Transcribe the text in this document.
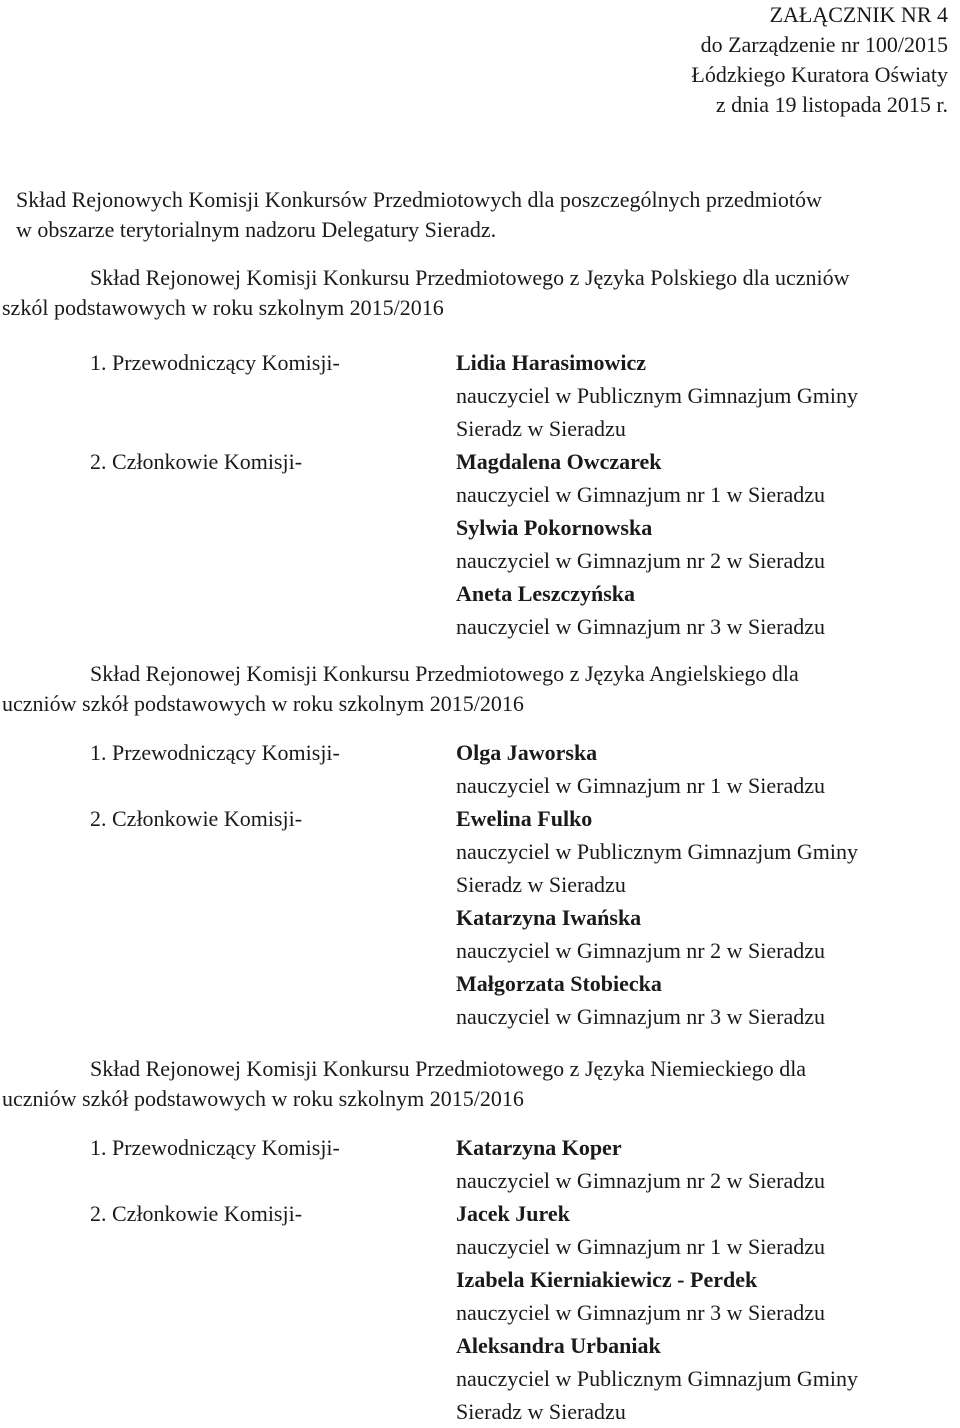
ZAŁĄCZNIK NR 4
do Zarządzenie nr 100/2015
Łódzkiego Kuratora Oświaty
z dnia 19 listopada 2015 r.
Skład Rejonowych Komisji Konkursów Przedmiotowych dla poszczególnych przedmiotów
w obszarze terytorialnym nadzoru Delegatury Sieradz.
Skład Rejonowej Komisji Konkursu Przedmiotowego z Języka Polskiego dla uczniów
szkól podstawowych w roku szkolnym 2015/2016
1. Przewodniczący Komisji-	Lidia Harasimowicz
nauczyciel w Publicznym Gimnazjum Gminy
Sieradz w Sieradzu
2. Członkowie Komisji-	Magdalena Owczarek
nauczyciel w Gimnazjum nr 1 w Sieradzu
Sylwia Pokornowska
nauczyciel w Gimnazjum nr 2 w Sieradzu
Aneta Leszczyńska
nauczyciel w Gimnazjum nr 3 w Sieradzu
Skład Rejonowej Komisji Konkursu Przedmiotowego z Języka Angielskiego dla
uczniów szkół podstawowych w roku szkolnym 2015/2016
1. Przewodniczący Komisji-	Olga Jaworska
nauczyciel w Gimnazjum nr 1 w Sieradzu
2. Członkowie Komisji-	Ewelina Fulko
nauczyciel w Publicznym Gimnazjum Gminy
Sieradz w Sieradzu
Katarzyna Iwańska
nauczyciel w Gimnazjum nr 2 w Sieradzu
Małgorzata Stobiecka
nauczyciel w Gimnazjum nr 3 w Sieradzu
Skład Rejonowej Komisji Konkursu Przedmiotowego z Języka Niemieckiego dla
uczniów szkół podstawowych w roku szkolnym 2015/2016
1. Przewodniczący Komisji-	Katarzyna Koper
nauczyciel w Gimnazjum nr 2 w Sieradzu
2. Członkowie Komisji-	Jacek Jurek
nauczyciel w Gimnazjum nr 1 w Sieradzu
Izabela Kierniakiewicz - Perdek
nauczyciel w Gimnazjum nr 3 w Sieradzu
Aleksandra Urbaniak
nauczyciel w Publicznym Gimnazjum Gminy
Sieradz w Sieradzu
